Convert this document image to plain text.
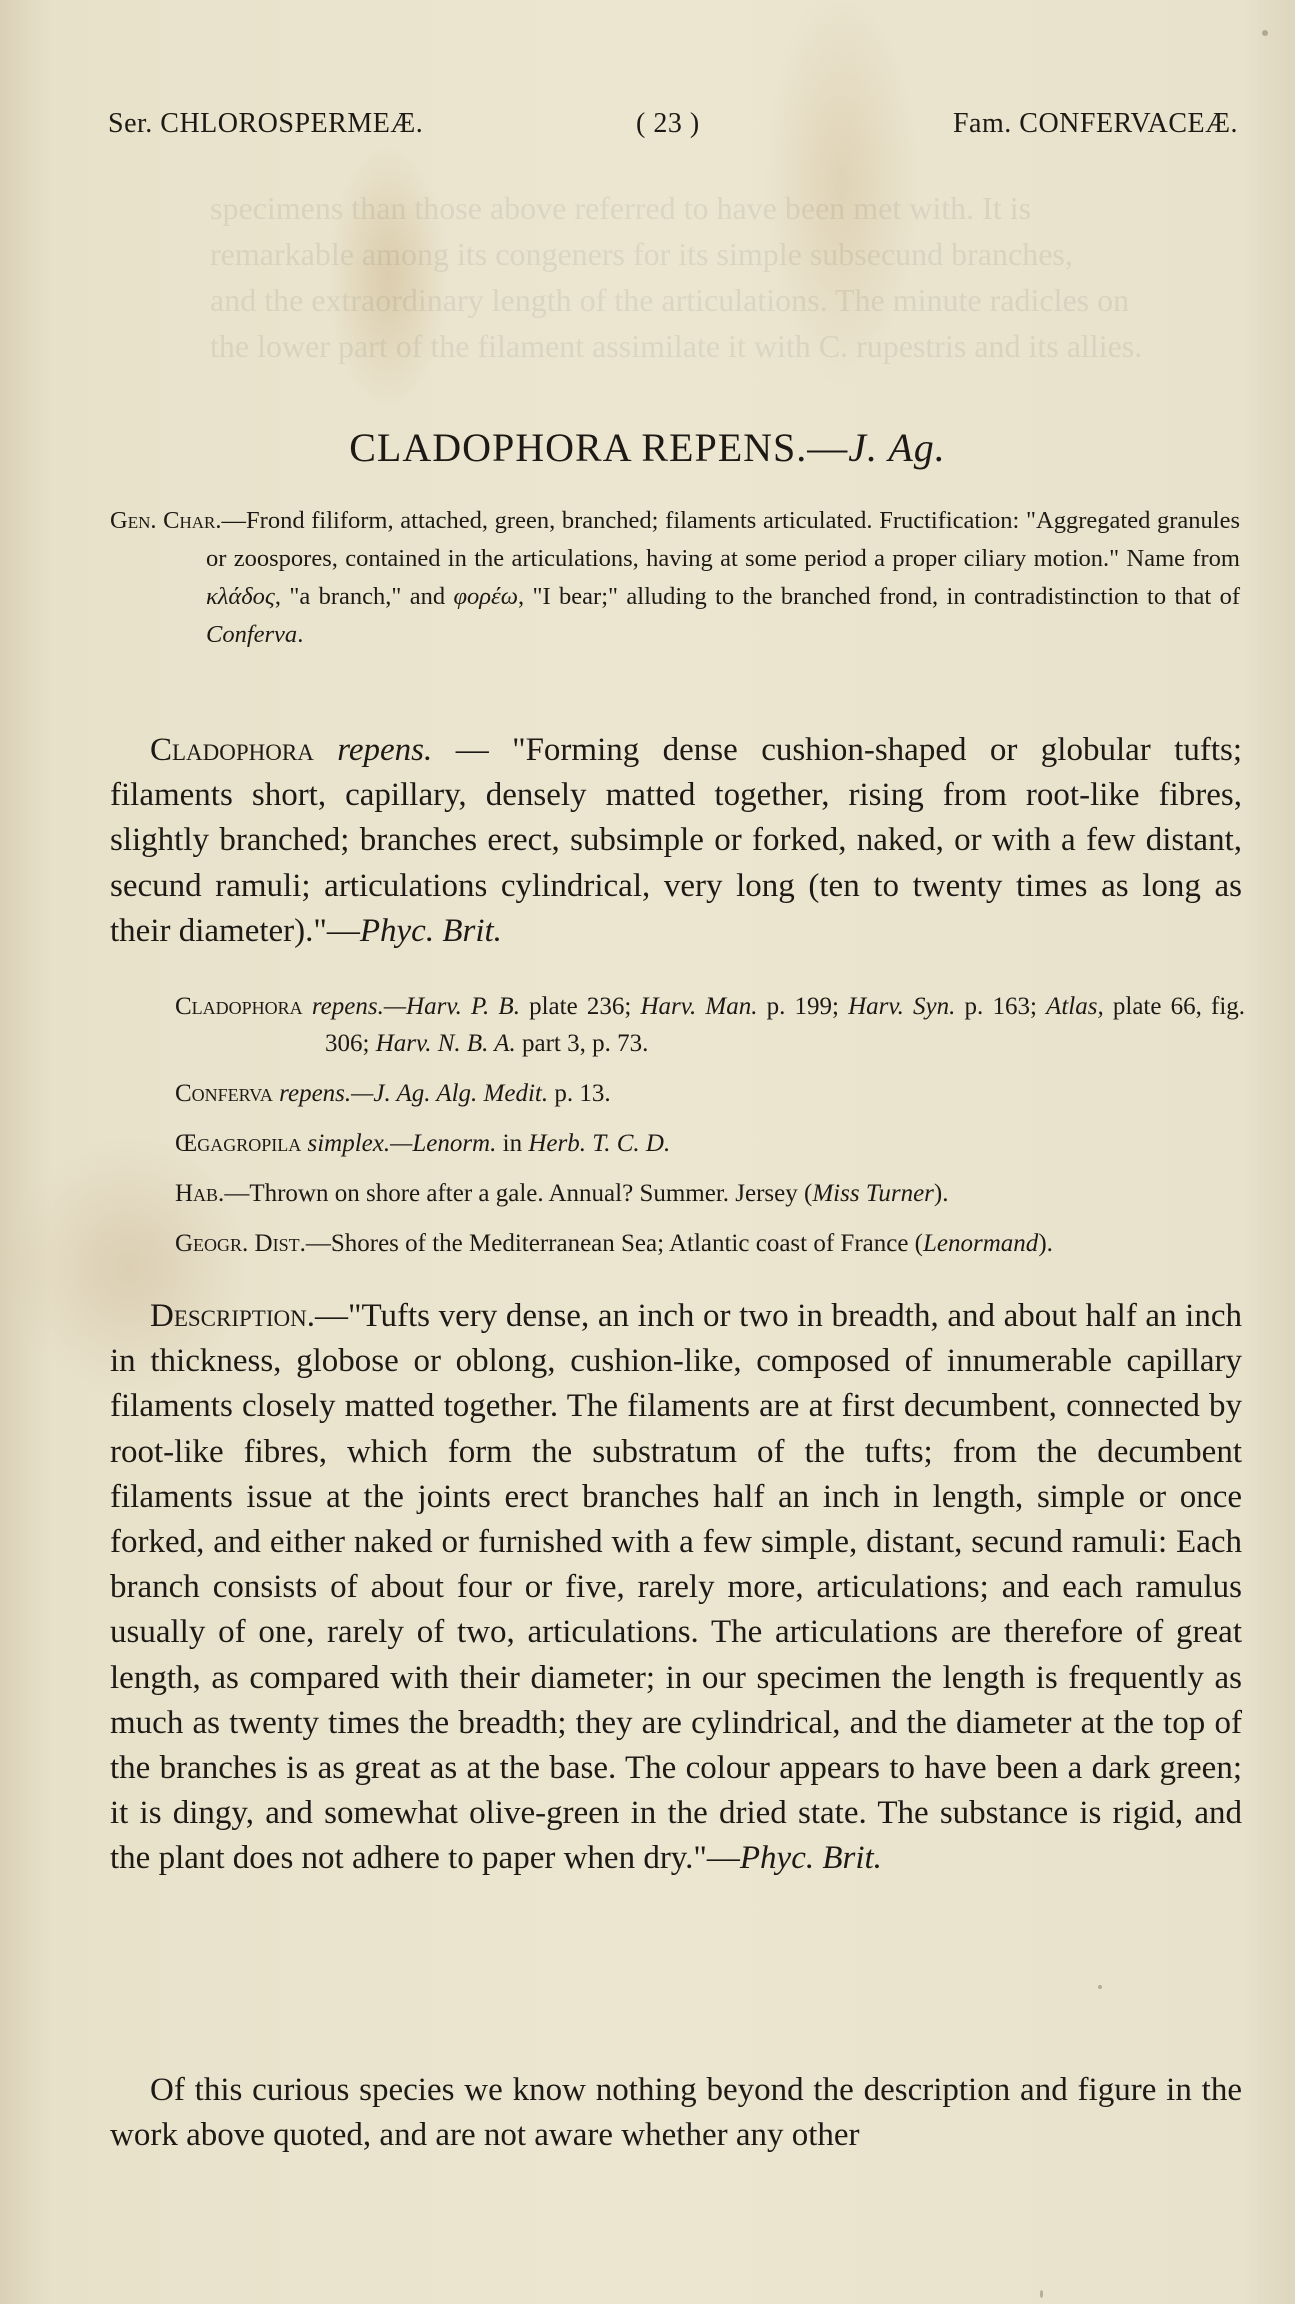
Ser. CHLOROSPERMEÆ.	( 23 )	Fam. CONFERVACEÆ.
specimens than those above referred to have been met with. It is
remarkable among its congeners for its simple subsecund branches,
and the extraordinary length of the articulations. The minute radicles on
the lower part of the filament assimilate it with C. rupestris and its allies.
CLADOPHORA REPENS.—J. Ag.
Gen. Char.—Frond filiform, attached, green, branched; filaments articulated. Fructification: "Aggregated granules or zoospores, contained in the articulations, having at some period a proper ciliary motion." Name from κλάδος, "a branch," and φορέω, "I bear;" alluding to the branched frond, in contradistinction to that of Conferva.

Cladophora repens. — "Forming dense cushion-shaped or globular tufts; filaments short, capillary, densely matted together, rising from root-like fibres, slightly branched; branches erect, subsimple or forked, naked, or with a few distant, secund ramuli; articulations cylindrical, very long (ten to twenty times as long as their diameter)."—Phyc. Brit.

Cladophora repens.—Harv. P. B. plate 236; Harv. Man. p. 199; Harv. Syn. p. 163; Atlas, plate 66, fig. 306; Harv. N. B. A. part 3, p. 73.
Conferva repens.—J. Ag. Alg. Medit. p. 13.
Œgagropila simplex.—Lenorm. in Herb. T. C. D.
Hab.—Thrown on shore after a gale. Annual? Summer. Jersey (Miss Turner).
Geogr. Dist.—Shores of the Mediterranean Sea; Atlantic coast of France (Lenormand).

Description.—"Tufts very dense, an inch or two in breadth, and about half an inch in thickness, globose or oblong, cushion-like, composed of innumerable capillary filaments closely matted together. The filaments are at first decumbent, connected by root-like fibres, which form the substratum of the tufts; from the decumbent filaments issue at the joints erect branches half an inch in length, simple or once forked, and either naked or furnished with a few simple, distant, secund ramuli: Each branch consists of about four or five, rarely more, articulations; and each ramulus usually of one, rarely of two, articulations. The articulations are therefore of great length, as compared with their diameter; in our specimen the length is frequently as much as twenty times the breadth; they are cylindrical, and the diameter at the top of the branches is as great as at the base. The colour appears to have been a dark green; it is dingy, and somewhat olive-green in the dried state. The substance is rigid, and the plant does not adhere to paper when dry."—Phyc. Brit.

Of this curious species we know nothing beyond the description and figure in the work above quoted, and are not aware whether any other
